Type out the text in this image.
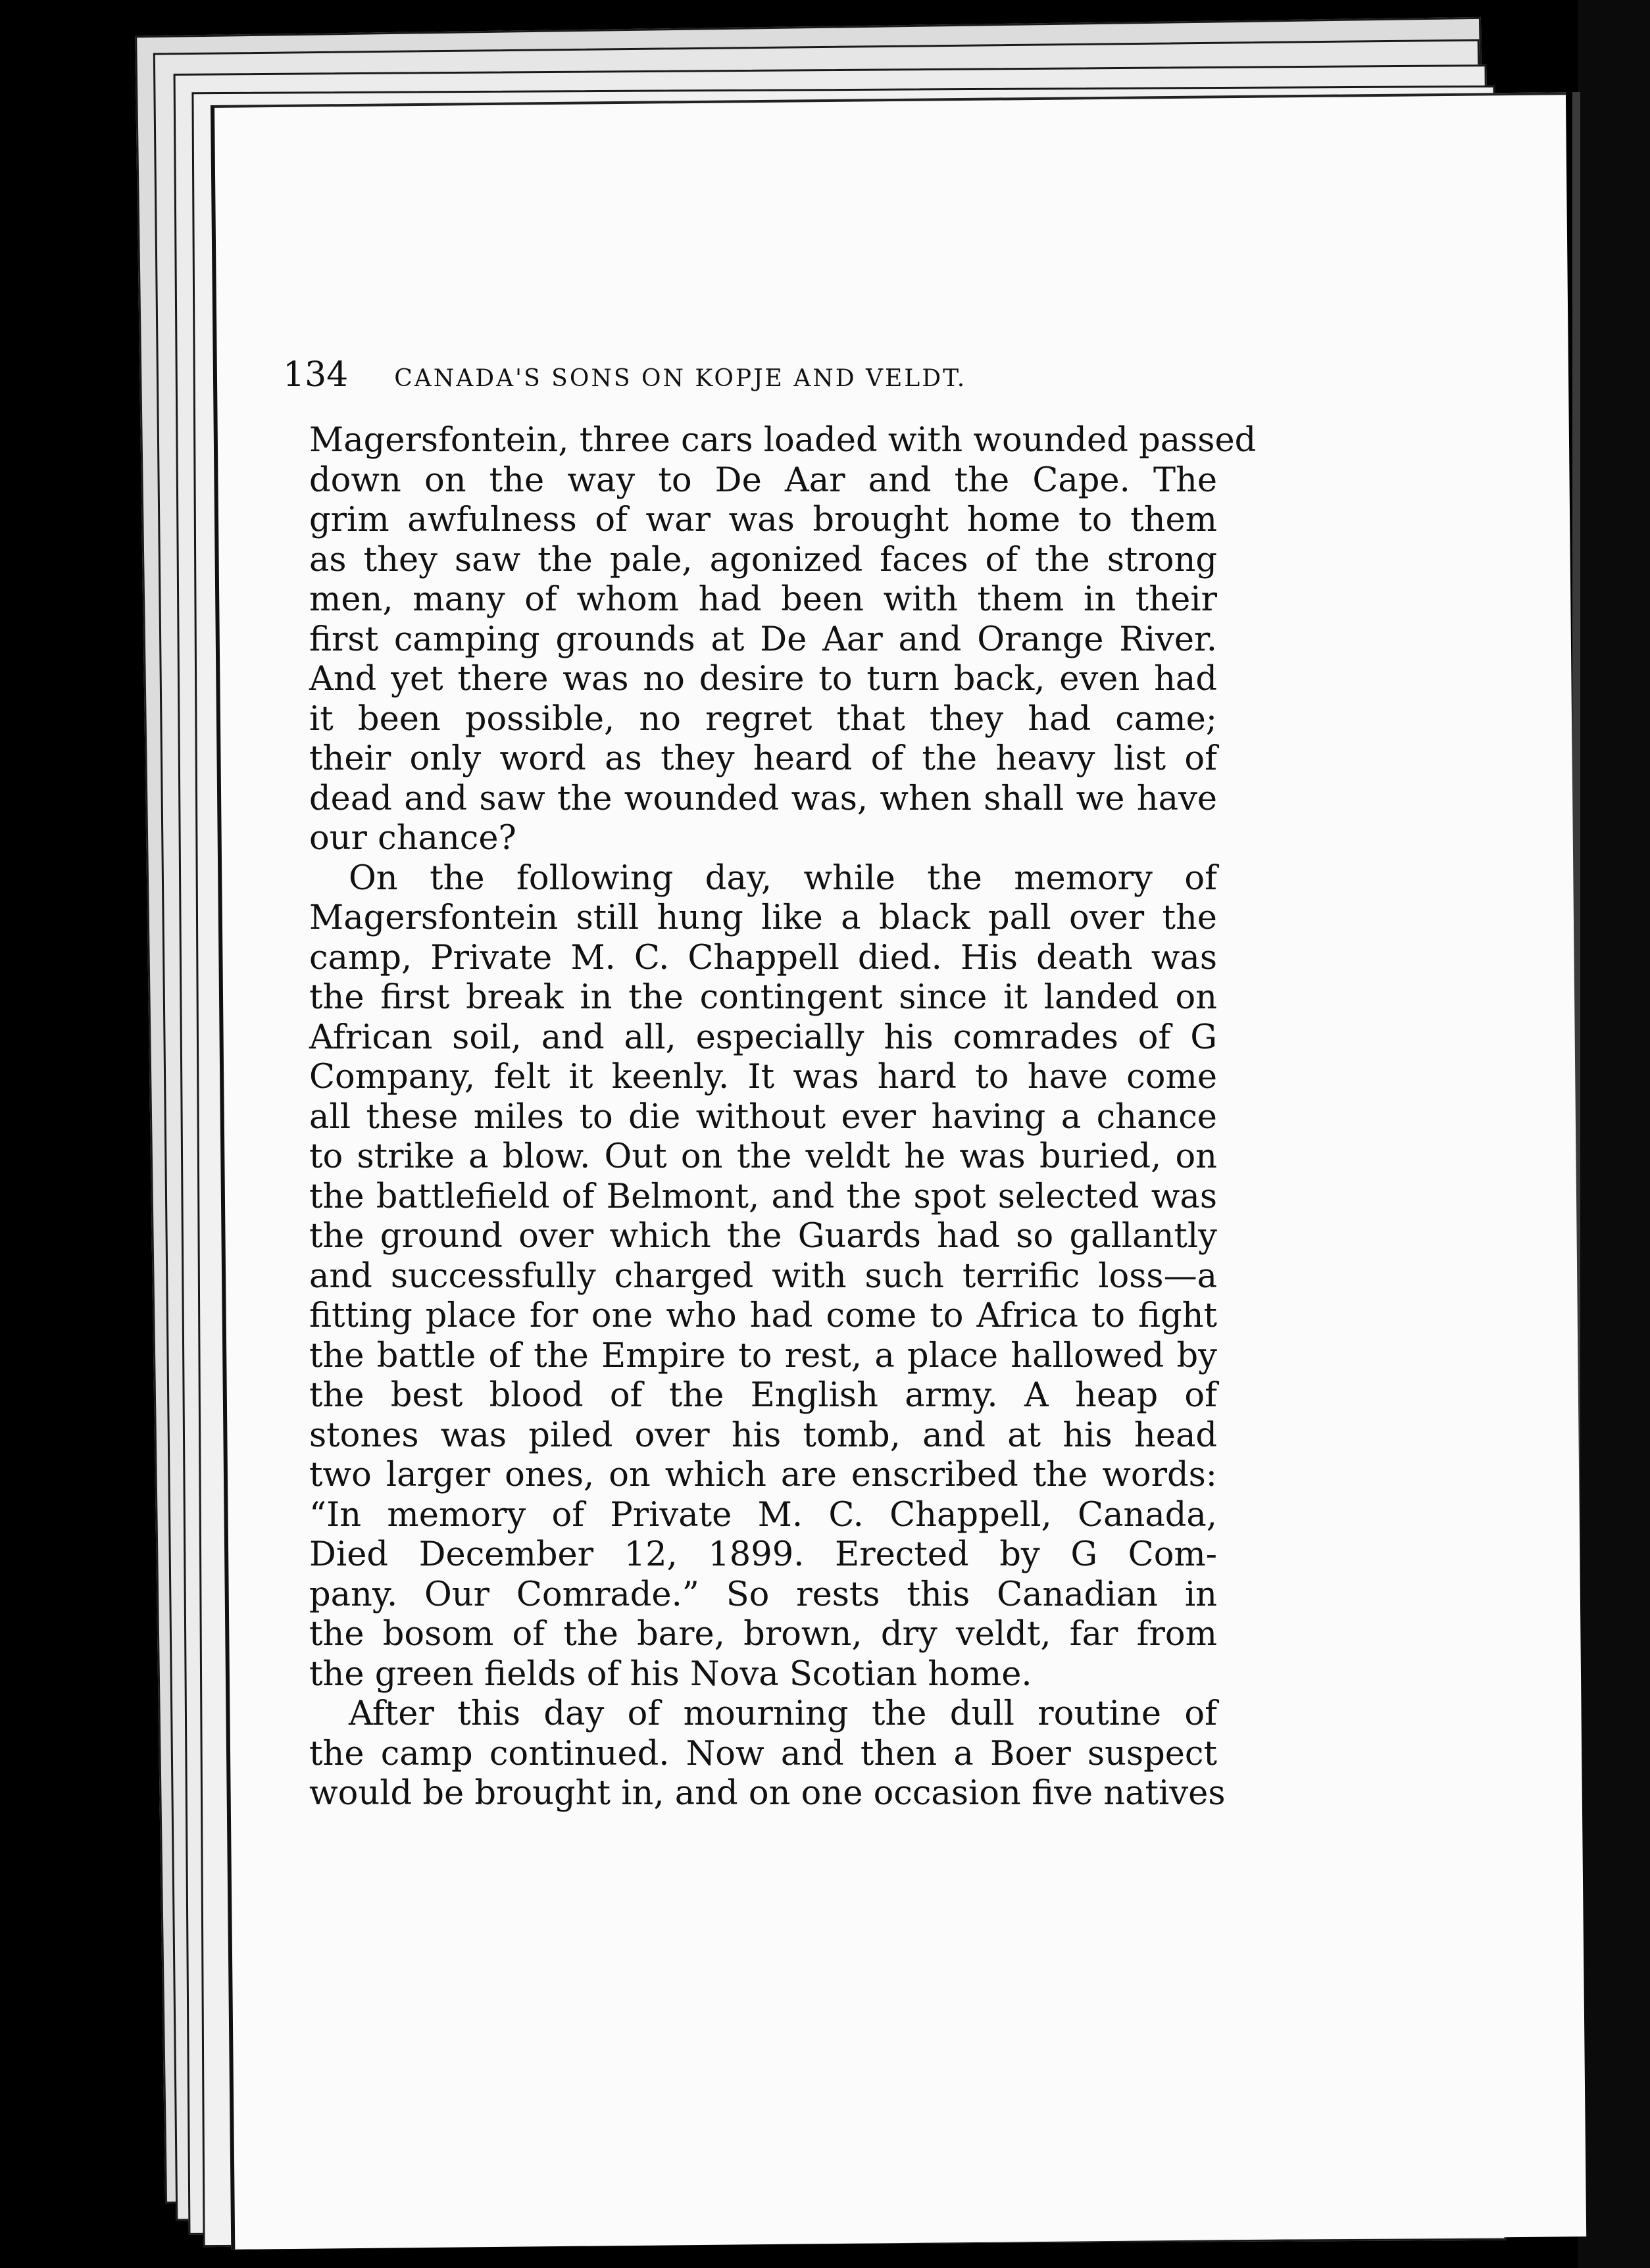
134 CANADA'S SONS ON KOPJE AND VELDT.
Magersfontein, three cars loaded with wounded passed
down on the way to De Aar and the Cape. The
grim awfulness of war was brought home to them
as they saw the pale, agonized faces of the strong
men, many of whom had been with them in their
first camping grounds at De Aar and Orange River.
And yet there was no desire to turn back, even had
it been possible, no regret that they had came;
their only word as they heard of the heavy list of
dead and saw the wounded was, when shall we have
our chance?
On the following day, while the memory of
Magersfontein still hung like a black pall over the
camp, Private M. C. Chappell died. His death was
the first break in the contingent since it landed on
African soil, and all, especially his comrades of G
Company, felt it keenly. It was hard to have come
all these miles to die without ever having a chance
to strike a blow. Out on the veldt he was buried, on
the battlefield of Belmont, and the spot selected was
the ground over which the Guards had so gallantly
and successfully charged with such terrific loss—a
fitting place for one who had come to Africa to fight
the battle of the Empire to rest, a place hallowed by
the best blood of the English army. A heap of
stones was piled over his tomb, and at his head
two larger ones, on which are enscribed the words:
“In memory of Private M. C. Chappell, Canada,
Died December 12, 1899. Erected by G Com-
pany. Our Comrade.” So rests this Canadian in
the bosom of the bare, brown, dry veldt, far from
the green fields of his Nova Scotian home.
After this day of mourning the dull routine of
the camp continued. Now and then a Boer suspect
would be brought in, and on one occasion five natives
